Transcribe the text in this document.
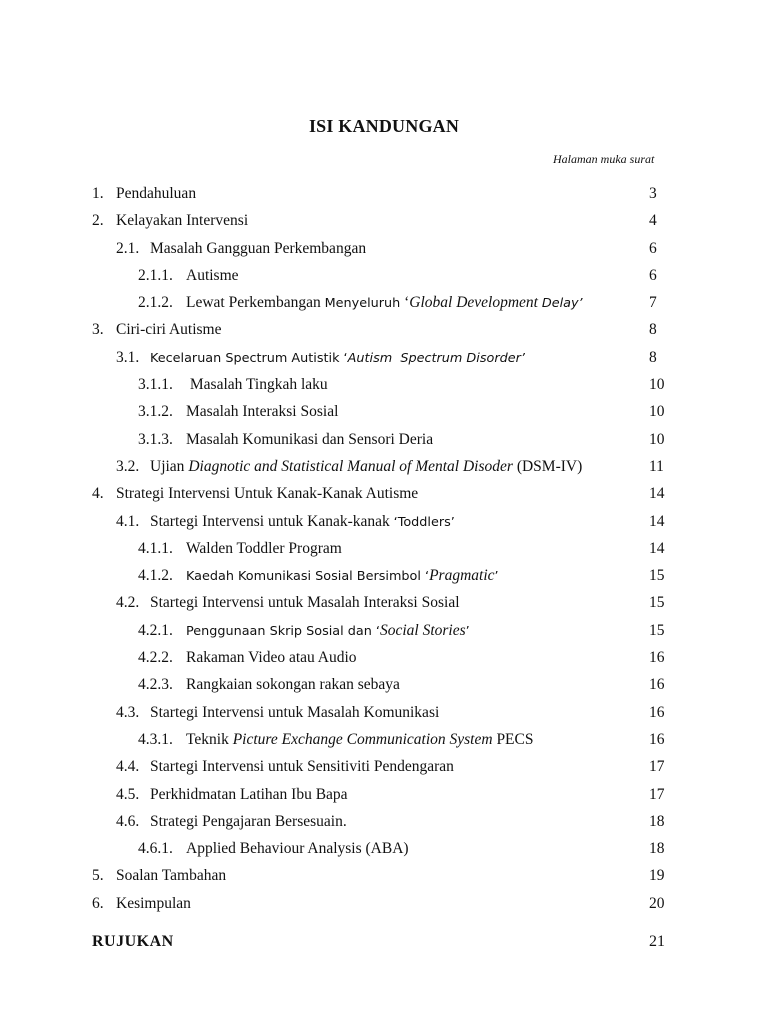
ISI KANDUNGAN
Halaman muka surat
1. Pendahuluan	3
2. Kelayakan Intervensi	4
2.1. Masalah Gangguan Perkembangan	6
2.1.1. Autisme	6
2.1.2. Lewat Perkembangan Menyeluruh ‘Global Development Delay’	7
3. Ciri-ciri Autisme	8
3.1. Kecelaruan Spectrum Autistik ‘Autism  Spectrum Disorder’	8
3.1.1. Masalah Tingkah laku	10
3.1.2. Masalah Interaksi Sosial	10
3.1.3. Masalah Komunikasi dan Sensori Deria	10
3.2. Ujian Diagnotic and Statistical Manual of Mental Disoder (DSM-IV)	11
4. Strategi Intervensi Untuk Kanak-Kanak Autisme	14
4.1. Startegi Intervensi untuk Kanak-kanak ‘Toddlers’	14
4.1.1. Walden Toddler Program	14
4.1.2. Kaedah Komunikasi Sosial Bersimbol ‘Pragmatic’	15
4.2. Startegi Intervensi untuk Masalah Interaksi Sosial	15
4.2.1. Penggunaan Skrip Sosial dan ‘Social Stories’	15
4.2.2. Rakaman Video atau Audio	16
4.2.3. Rangkaian sokongan rakan sebaya	16
4.3. Startegi Intervensi untuk Masalah Komunikasi	16
4.3.1. Teknik Picture Exchange Communication System PECS	16
4.4. Startegi Intervensi untuk Sensitiviti Pendengaran	17
4.5. Perkhidmatan Latihan Ibu Bapa	17
4.6. Strategi Pengajaran Bersesuain.	18
4.6.1. Applied Behaviour Analysis (ABA)	18
5. Soalan Tambahan	19
6. Kesimpulan	20
RUJUKAN	21
